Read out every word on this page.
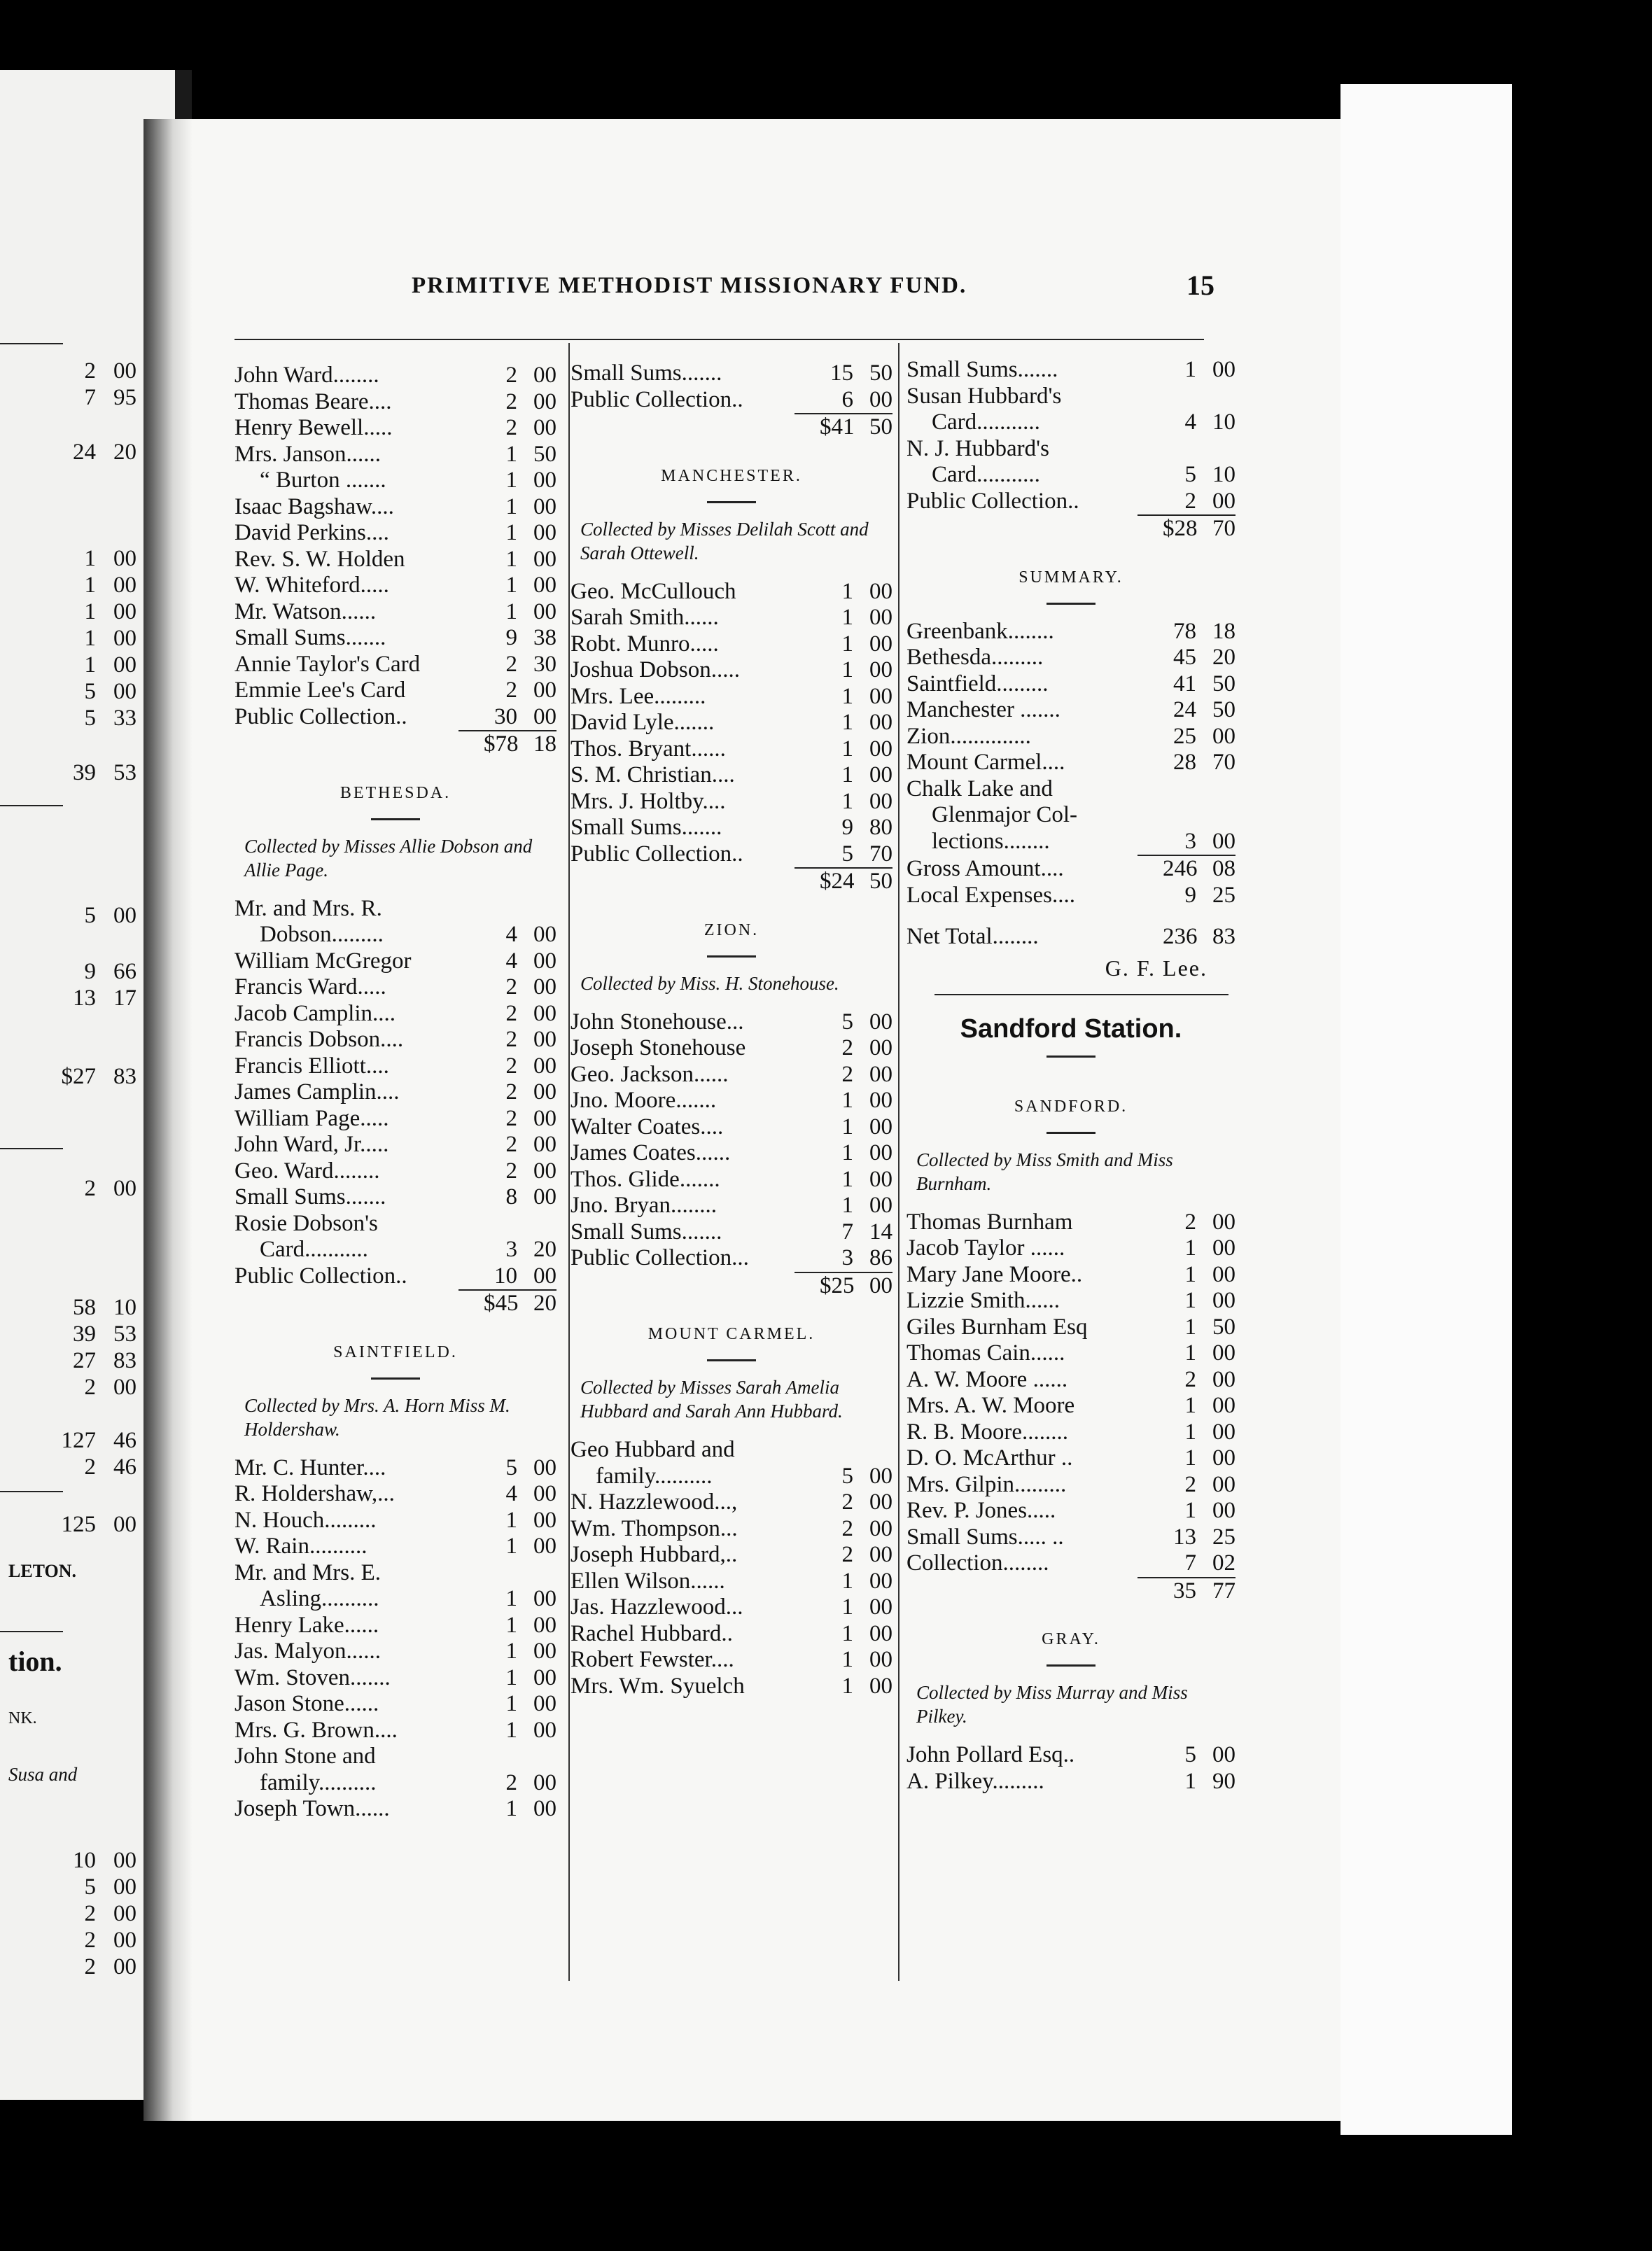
2 00
7 95
24 20
1 00
1 00
1 00
1 00
1 00
5 00
5 33
39 53
5 00
9 66
13 17
$27 83
2 00
58 10
39 53
27 83
2 00
127 46
2 46
125 00
10 00
5 00
2 00
2 00
2 00
LETON.
tion.
NK.
Susa and
PRIMITIVE METHODIST MISSIONARY FUND.	15
John Ward........	2 00
Thomas Beare....	2 00
Henry Bewell.....	2 00
Mrs. Janson......	1 50
“ Burton .......	1 00
Isaac Bagshaw....	1 00
David Perkins....	1 00
Rev. S. W. Holden	1 00
W. Whiteford.....	1 00
Mr. Watson......	1 00
Small Sums.......	9 38
Annie Taylor's Card	2 30
Emmie Lee's Card	2 00
Public Collection..	30 00
$78 18
BETHESDA.
Collected by Misses Allie Dobson and Allie Page.
Mr. and Mrs. R.
Dobson.........	4 00
William McGregor	4 00
Francis Ward.....	2 00
Jacob Camplin....	2 00
Francis Dobson....	2 00
Francis Elliott....	2 00
James Camplin....	2 00
William Page.....	2 00
John Ward, Jr.....	2 00
Geo. Ward........	2 00
Small Sums.......	8 00
Rosie Dobson's
Card...........	3 20
Public Collection..	10 00
$45 20
SAINTFIELD.
Collected by Mrs. A. Horn Miss M. Holdershaw.
Mr. C. Hunter....	5 00
R. Holdershaw,...	4 00
N. Houch.........	1 00
W. Rain..........	1 00
Mr. and Mrs. E.
Asling..........	1 00
Henry Lake......	1 00
Jas. Malyon......	1 00
Wm. Stoven.......	1 00
Jason Stone......	1 00
Mrs. G. Brown....	1 00
John Stone and
family..........	2 00
Joseph Town......	1 00
Small Sums.......	15 50
Public Collection..	6 00
$41 50
MANCHESTER.
Collected by Misses Delilah Scott and Sarah Ottewell.
Geo. McCullouch	1 00
Sarah Smith......	1 00
Robt. Munro.....	1 00
Joshua Dobson.....	1 00
Mrs. Lee.........	1 00
David Lyle.......	1 00
Thos. Bryant......	1 00
S. M. Christian....	1 00
Mrs. J. Holtby....	1 00
Small Sums.......	9 80
Public Collection..	5 70
$24 50
ZION.
Collected by Miss. H. Stonehouse.
John Stonehouse...	5 00
Joseph Stonehouse	2 00
Geo. Jackson......	2 00
Jno. Moore.......	1 00
Walter Coates....	1 00
James Coates......	1 00
Thos. Glide.......	1 00
Jno. Bryan........	1 00
Small Sums.......	7 14
Public Collection...	3 86
$25 00
MOUNT CARMEL.
Collected by Misses Sarah Amelia Hubbard and Sarah Ann Hubbard.
Geo Hubbard and
family..........	5 00
N. Hazzlewood...,	2 00
Wm. Thompson...	2 00
Joseph Hubbard,..	2 00
Ellen Wilson......	1 00
Jas. Hazzlewood...	1 00
Rachel Hubbard..	1 00
Robert Fewster....	1 00
Mrs. Wm. Syuelch	1 00
Small Sums.......	1 00
Susan Hubbard's
Card...........	4 10
N. J. Hubbard's
Card...........	5 10
Public Collection..	2 00
$28 70
SUMMARY.
Greenbank........	78 18
Bethesda.........	45 20
Saintfield.........	41 50
Manchester .......	24 50
Zion..............	25 00
Mount Carmel....	28 70
Chalk Lake and
Glenmajor Col-
lections........	3 00
Gross Amount....	246 08
Local Expenses....	9 25
Net Total........	236 83
G. F. Lee.
Sandford Station.
SANDFORD.
Collected by Miss Smith and Miss Burnham.
Thomas Burnham	2 00
Jacob Taylor ......	1 00
Mary Jane Moore..	1 00
Lizzie Smith......	1 00
Giles Burnham Esq	1 50
Thomas Cain......	1 00
A. W. Moore ......	2 00
Mrs. A. W. Moore	1 00
R. B. Moore........	1 00
D. O. McArthur ..	1 00
Mrs. Gilpin.........	2 00
Rev. P. Jones.....	1 00
Small Sums..... ..	13 25
Collection........	7 02
35 77
GRAY.
Collected by Miss Murray and Miss Pilkey.
John Pollard Esq..	5 00
A. Pilkey.........	1 90
